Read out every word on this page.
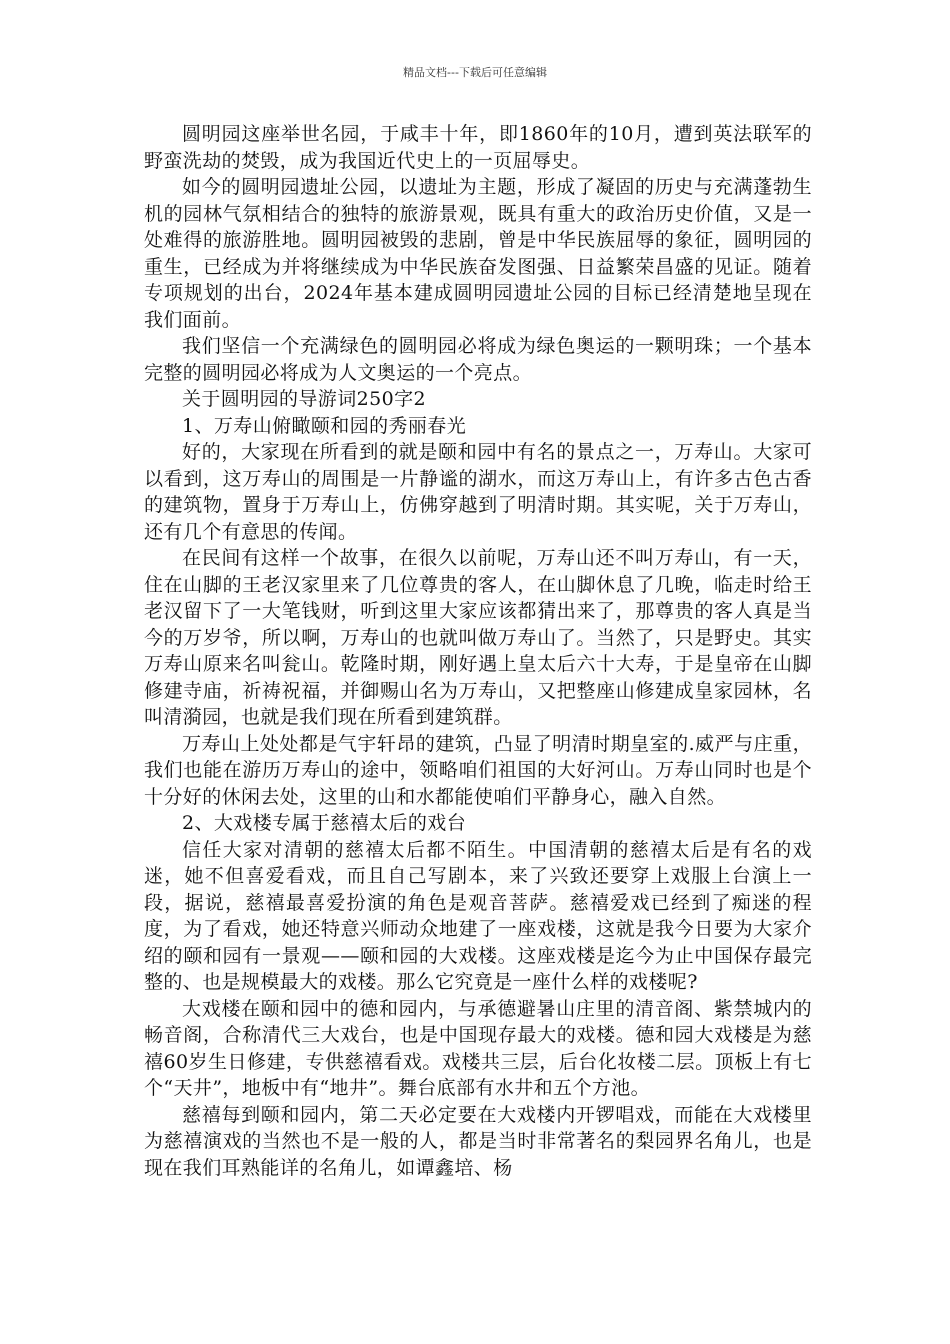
精品文档---下载后可任意编辑

圆明园这座举世名园，于咸丰十年，即1860年的10月，遭到英法联军的野蛮洗劫的焚毁，成为我国近代史上的一页屈辱史。

如今的圆明园遗址公园，以遗址为主题，形成了凝固的历史与充满蓬勃生机的园林气氛相结合的独特的旅游景观，既具有重大的政治历史价值，又是一处难得的旅游胜地。圆明园被毁的悲剧，曾是中华民族屈辱的象征，圆明园的重生，已经成为并将继续成为中华民族奋发图强、日益繁荣昌盛的见证。随着专项规划的出台，2024年基本建成圆明园遗址公园的目标已经清楚地呈现在我们面前。

我们坚信一个充满绿色的圆明园必将成为绿色奥运的一颗明珠；一个基本完整的圆明园必将成为人文奥运的一个亮点。

关于圆明园的导游词250字2

1、万寿山俯瞰颐和园的秀丽春光

好的，大家现在所看到的就是颐和园中有名的景点之一，万寿山。大家可以看到，这万寿山的周围是一片静谧的湖水，而这万寿山上，有许多古色古香的建筑物，置身于万寿山上，仿佛穿越到了明清时期。其实呢，关于万寿山，还有几个有意思的传闻。

在民间有这样一个故事，在很久以前呢，万寿山还不叫万寿山，有一天，住在山脚的王老汉家里来了几位尊贵的客人，在山脚休息了几晚，临走时给王老汉留下了一大笔钱财，听到这里大家应该都猜出来了，那尊贵的客人真是当今的万岁爷，所以啊，万寿山的也就叫做万寿山了。当然了，只是野史。其实万寿山原来名叫瓮山。乾隆时期，刚好遇上皇太后六十大寿，于是皇帝在山脚修建寺庙，祈祷祝福，并御赐山名为万寿山，又把整座山修建成皇家园林，名叫清漪园，也就是我们现在所看到建筑群。

万寿山上处处都是气宇轩昂的建筑，凸显了明清时期皇室的.威严与庄重，我们也能在游历万寿山的途中，领略咱们祖国的大好河山。万寿山同时也是个十分好的休闲去处，这里的山和水都能使咱们平静身心，融入自然。

2、大戏楼专属于慈禧太后的戏台

信任大家对清朝的慈禧太后都不陌生。中国清朝的慈禧太后是有名的戏迷，她不但喜爱看戏，而且自己写剧本，来了兴致还要穿上戏服上台演上一段，据说，慈禧最喜爱扮演的角色是观音菩萨。慈禧爱戏已经到了痴迷的程度，为了看戏，她还特意兴师动众地建了一座戏楼，这就是我今日要为大家介绍的颐和园有一景观——颐和园的大戏楼。这座戏楼是迄今为止中国保存最完整的、也是规模最大的戏楼。那么它究竟是一座什么样的戏楼呢?

大戏楼在颐和园中的德和园内，与承德避暑山庄里的清音阁、紫禁城内的畅音阁，合称清代三大戏台，也是中国现存最大的戏楼。德和园大戏楼是为慈禧60岁生日修建，专供慈禧看戏。戏楼共三层，后台化妆楼二层。顶板上有七个“天井”，地板中有“地井”。舞台底部有水井和五个方池。

慈禧每到颐和园内，第二天必定要在大戏楼内开锣唱戏，而能在大戏楼里为慈禧演戏的当然也不是一般的人，都是当时非常著名的梨园界名角儿，也是现在我们耳熟能详的名角儿，如谭鑫培、杨
